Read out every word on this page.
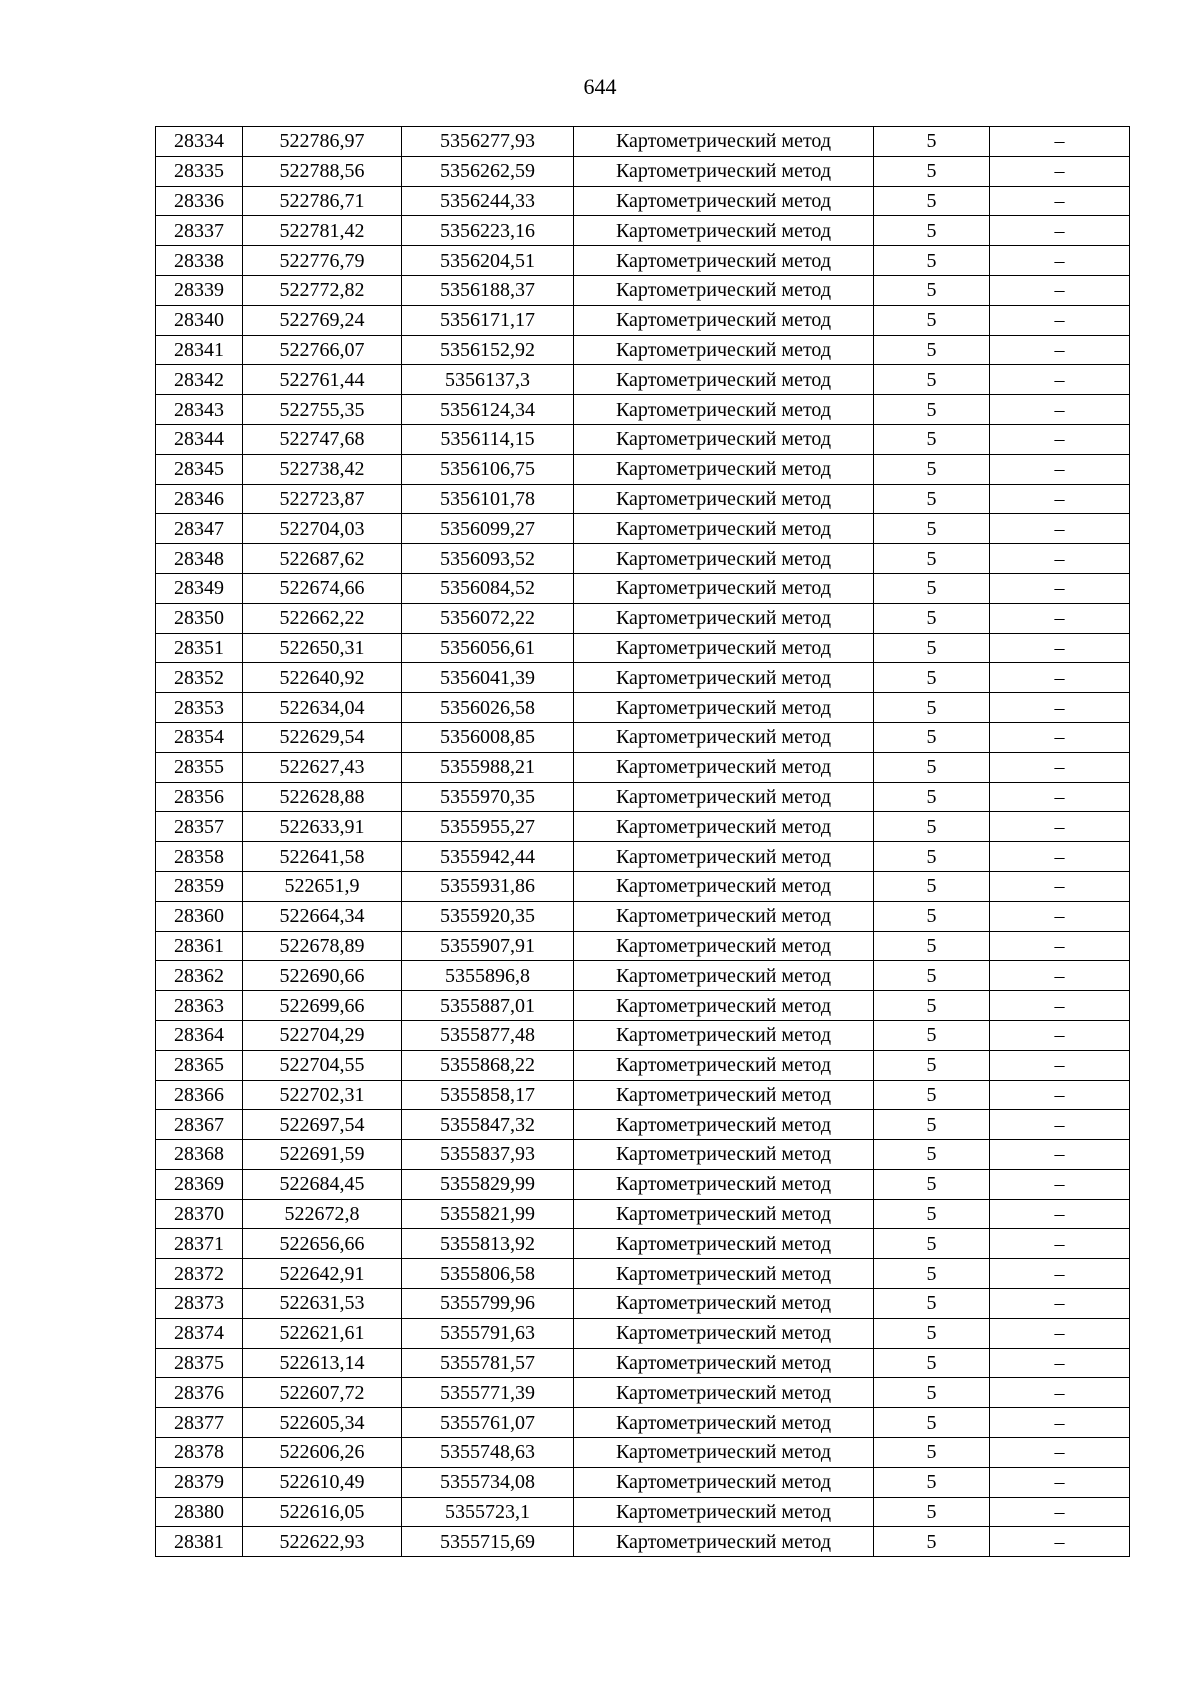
644
28334	522786,97	5356277,93	Картометрический метод	5	–
28335	522788,56	5356262,59	Картометрический метод	5	–
28336	522786,71	5356244,33	Картометрический метод	5	–
28337	522781,42	5356223,16	Картометрический метод	5	–
28338	522776,79	5356204,51	Картометрический метод	5	–
28339	522772,82	5356188,37	Картометрический метод	5	–
28340	522769,24	5356171,17	Картометрический метод	5	–
28341	522766,07	5356152,92	Картометрический метод	5	–
28342	522761,44	5356137,3	Картометрический метод	5	–
28343	522755,35	5356124,34	Картометрический метод	5	–
28344	522747,68	5356114,15	Картометрический метод	5	–
28345	522738,42	5356106,75	Картометрический метод	5	–
28346	522723,87	5356101,78	Картометрический метод	5	–
28347	522704,03	5356099,27	Картометрический метод	5	–
28348	522687,62	5356093,52	Картометрический метод	5	–
28349	522674,66	5356084,52	Картометрический метод	5	–
28350	522662,22	5356072,22	Картометрический метод	5	–
28351	522650,31	5356056,61	Картометрический метод	5	–
28352	522640,92	5356041,39	Картометрический метод	5	–
28353	522634,04	5356026,58	Картометрический метод	5	–
28354	522629,54	5356008,85	Картометрический метод	5	–
28355	522627,43	5355988,21	Картометрический метод	5	–
28356	522628,88	5355970,35	Картометрический метод	5	–
28357	522633,91	5355955,27	Картометрический метод	5	–
28358	522641,58	5355942,44	Картометрический метод	5	–
28359	522651,9	5355931,86	Картометрический метод	5	–
28360	522664,34	5355920,35	Картометрический метод	5	–
28361	522678,89	5355907,91	Картометрический метод	5	–
28362	522690,66	5355896,8	Картометрический метод	5	–
28363	522699,66	5355887,01	Картометрический метод	5	–
28364	522704,29	5355877,48	Картометрический метод	5	–
28365	522704,55	5355868,22	Картометрический метод	5	–
28366	522702,31	5355858,17	Картометрический метод	5	–
28367	522697,54	5355847,32	Картометрический метод	5	–
28368	522691,59	5355837,93	Картометрический метод	5	–
28369	522684,45	5355829,99	Картометрический метод	5	–
28370	522672,8	5355821,99	Картометрический метод	5	–
28371	522656,66	5355813,92	Картометрический метод	5	–
28372	522642,91	5355806,58	Картометрический метод	5	–
28373	522631,53	5355799,96	Картометрический метод	5	–
28374	522621,61	5355791,63	Картометрический метод	5	–
28375	522613,14	5355781,57	Картометрический метод	5	–
28376	522607,72	5355771,39	Картометрический метод	5	–
28377	522605,34	5355761,07	Картометрический метод	5	–
28378	522606,26	5355748,63	Картометрический метод	5	–
28379	522610,49	5355734,08	Картометрический метод	5	–
28380	522616,05	5355723,1	Картометрический метод	5	–
28381	522622,93	5355715,69	Картометрический метод	5	–
